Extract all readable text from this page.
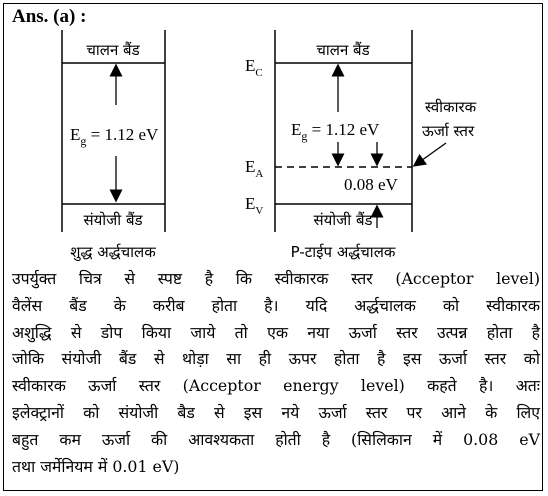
Ans. (a) :
चालन बैंड
संयोजी बैंड
$E_g = 1.12$ eV
शुद्ध अर्द्धचालक
चालन बैंड
संयोजी बैंड
$E_C$
$E_A$
$E_V$
$E_g = 1.12$ eV
0.08 eV
स्वीकारक
ऊर्जा स्तर
P-टाईप अर्द्धचालक
उपर्युक्त चित्र से स्पष्ट है कि स्वीकारक स्तर (Acceptor level)
वैलेंस बैंड के करीब होता है। यदि अर्द्धचालक को स्वीकारक
अशुद्धि से डोप किया जाये तो एक नया ऊर्जा स्तर उत्पन्न होता है
जोकि संयोजी बैंड से थोड़ा सा ही ऊपर होता है इस ऊर्जा स्तर को
स्वीकारक ऊर्जा स्तर (Acceptor energy level) कहते है। अतः
इलेक्ट्रानों को संयोजी बैड से इस नये ऊर्जा स्तर पर आने के लिए
बहुत कम ऊर्जा की आवश्यकता होती है (सिलिकान में 0.08 eV
तथा जर्मेनियम में 0.01 eV)
